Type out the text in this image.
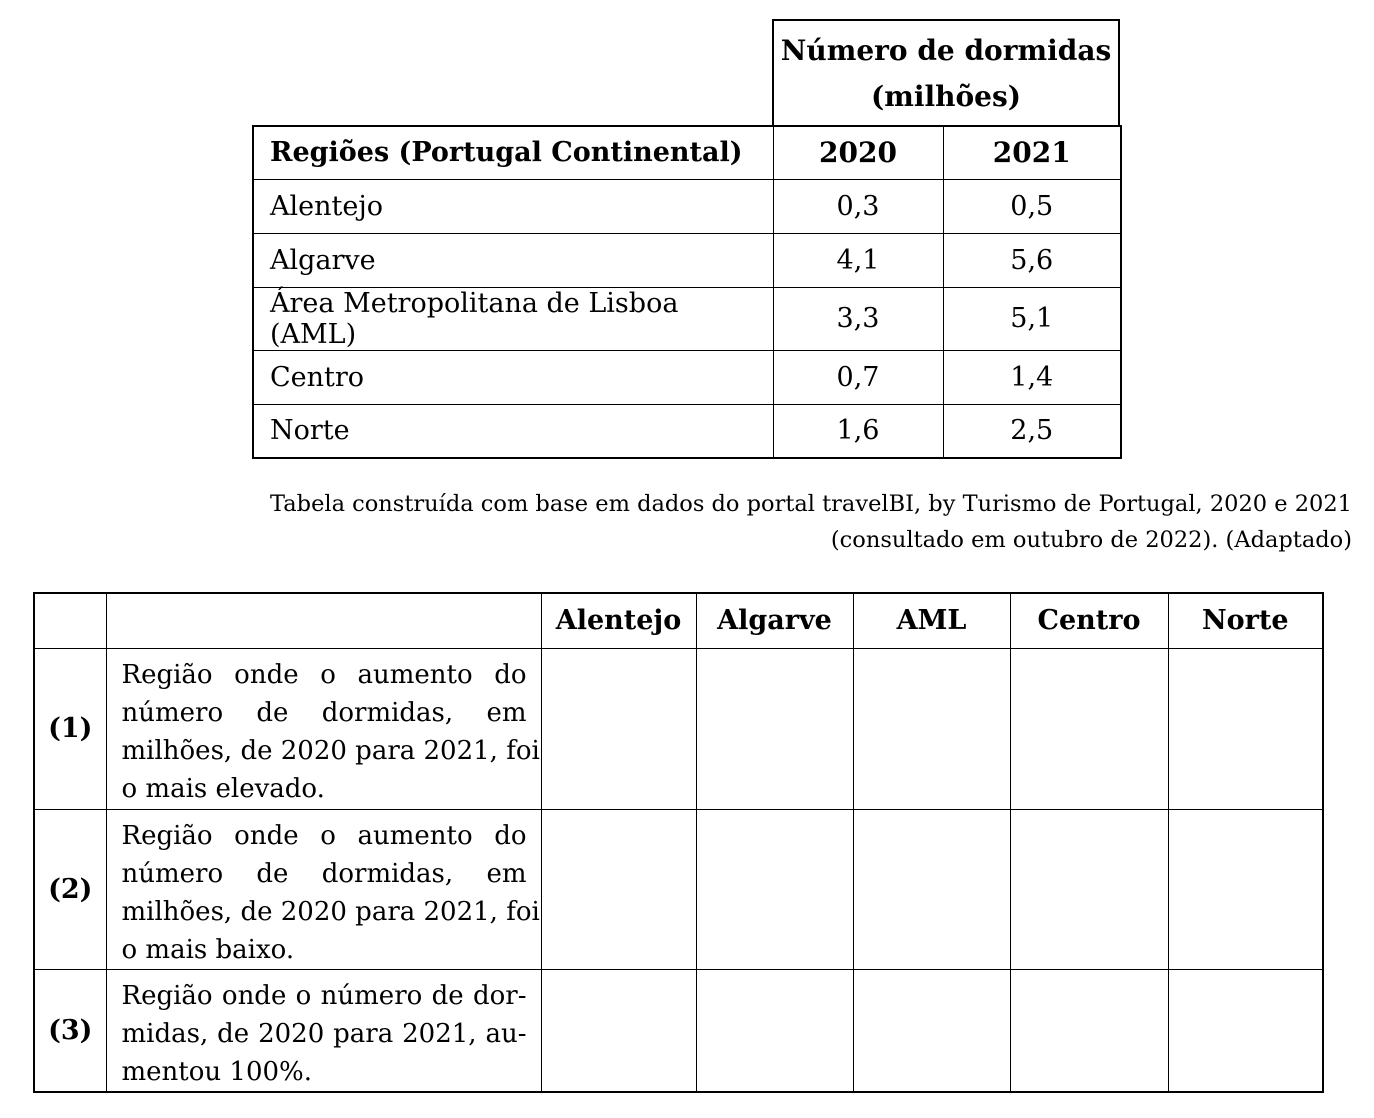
Número de dormidas
(milhões)
Regiões (Portugal Continental)	2020	2021
Alentejo	0,3	0,5
Algarve	4,1	5,6
Área Metropolitana de Lisboa (AML)	3,3	5,1
Centro	0,7	1,4
Norte	1,6	2,5
Tabela construída com base em dados do portal travelBI, by Turismo de Portugal, 2020 e 2021
(consultado em outubro de 2022). (Adaptado)
		Alentejo	Algarve	AML	Centro	Norte
(1)	Região onde o aumento do
número de dormidas, em
milhões, de 2020 para 2021, foi
o mais elevado.					

(2)	Região onde o aumento do
número de dormidas, em
milhões, de 2020 para 2021, foi
o mais baixo.					

(3)	Região onde o número de dor-
midas, de 2020 para 2021, au-
mentou 100%.					
